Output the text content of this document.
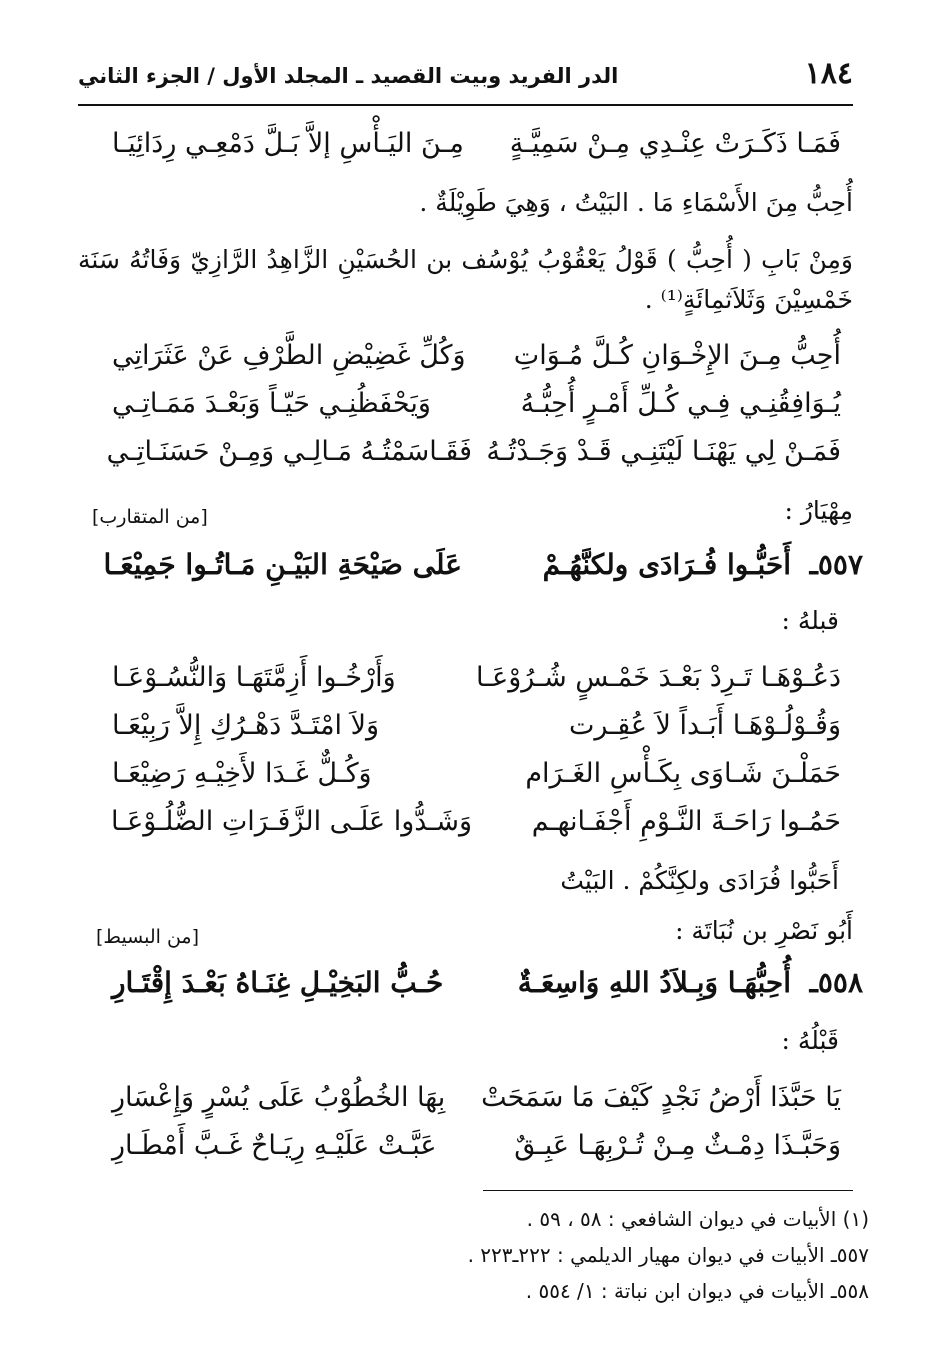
١٨٤
الدر الفريد وبيت القصيد ـ المجلد الأول / الجزء الثاني
فَمَـا ذَكَـرَتْ عِنْـدِي مِـنْ سَمِيَّـةٍ
مِـنَ اليَـأْسِ إلاَّ بَـلَّ دَمْعِـي رِدَائِيَـا
أُحِبُّ مِنَ الأَسْمَاءِ مَا . البَيْتُ ، وَهِيَ طَوِيْلَةٌ .
وَمِنْ بَابِ ( أُحِبُّ ) قَوْلُ يَعْقُوْبُ يُوْسُف بن الحُسَيْنِ الزَّاهِدُ الرَّازِيّ وَفَاتُهُ سَنَة خَمْسِيْنَ وَثَلاَثمِائَةٍ⁽¹⁾ .
أُحِبُّ مِـنَ الإِخْـوَانِ كُـلَّ مُـوَاتِ
وَكُلِّ غَضِيْضِ الطَّرْفِ عَنْ عَثَرَاتِي
يُـوَافِقُنِـي فِـي كُـلِّ أَمْـرٍ أُحِبُّـهُ
وَيَحْفَظُنِـي حَيّـاً وَبَعْـدَ مَمَـاتِـي
فَمَـنْ لِي يَهْنَـا لَيْتَنِـي قَـدْ وَجَـدْتُـهُ
فَقَـاسَمْتُـهُ مَـالِـي وَمِـنْ حَسَنَـاتِـي
مِهْيَارُ :
[من المتقارب]
٥٥٧ـ
أَحَبُّـوا فُـرَادَى ولكنَّهُـمْ
عَلَى صَيْحَةِ البَيْـنِ مَـاتُـوا جَمِيْعَـا
قبلهُ :
دَعُـوْهَـا تَـرِدْ بَعْـدَ خَمْـسٍ شُـرُوْعَـا
وَأَرْخُـوا أَزِمَّتَهَـا وَالنُّسُـوْعَـا
وَقُـوْلُـوْهَـا أَبَـداً لاَ عُقِـرت
وَلاَ امْتَـدَّ دَهْـرُكِ إِلاَّ رَبِيْعَـا
حَمَلْـنَ شَـاوَى بِكَـأْسِ الغَـرَام
وَكُـلٌّ غَـدَا لأَخِيْـهِ رَضِيْعَـا
حَمُـوا رَاحَـةَ النَّـوْمِ أَجْفَـانهـم
وَشَـدُّوا عَلَـى الزَّفَـرَاتِ الضُّلُـوْعَـا
أَحَبُّوا فُرَادَى ولكِنَّكُمْ . البَيْتُ
أَبُو نَصْرِ بن نُبَاتَة :
[من البسيط]
٥٥٨ـ
أُحِبُّهَـا وَبِـلاَدُ اللهِ وَاسِعَـةٌ
حُـبُّ البَخِيْـلِ غِنَـاهُ بَعْـدَ إِقْتَـارِ
قَبْلُهُ :
يَا حَبَّذَا أَرْضُ نَجْدٍ كَيْفَ مَا سَمَحَتْ
بِهَا الخُطُوْبُ عَلَى يُسْرٍ وَإِعْسَارِ
وَحَبَّـذَا دِمْـثٌ مِـنْ تُـرْبِهَـا عَبِـقٌ
عَبَّـتْ عَلَيْـهِ رِيَـاحٌ غَـبَّ أَمْطَـارِ
(١) الأبيات في ديوان الشافعي : ٥٨ ، ٥٩ .
٥٥٧ـ الأبيات في ديوان مهيار الديلمي : ٢٢٢ـ٢٢٣ .
٥٥٨ـ الأبيات في ديوان ابن نباتة : ١/ ٥٥٤ .
